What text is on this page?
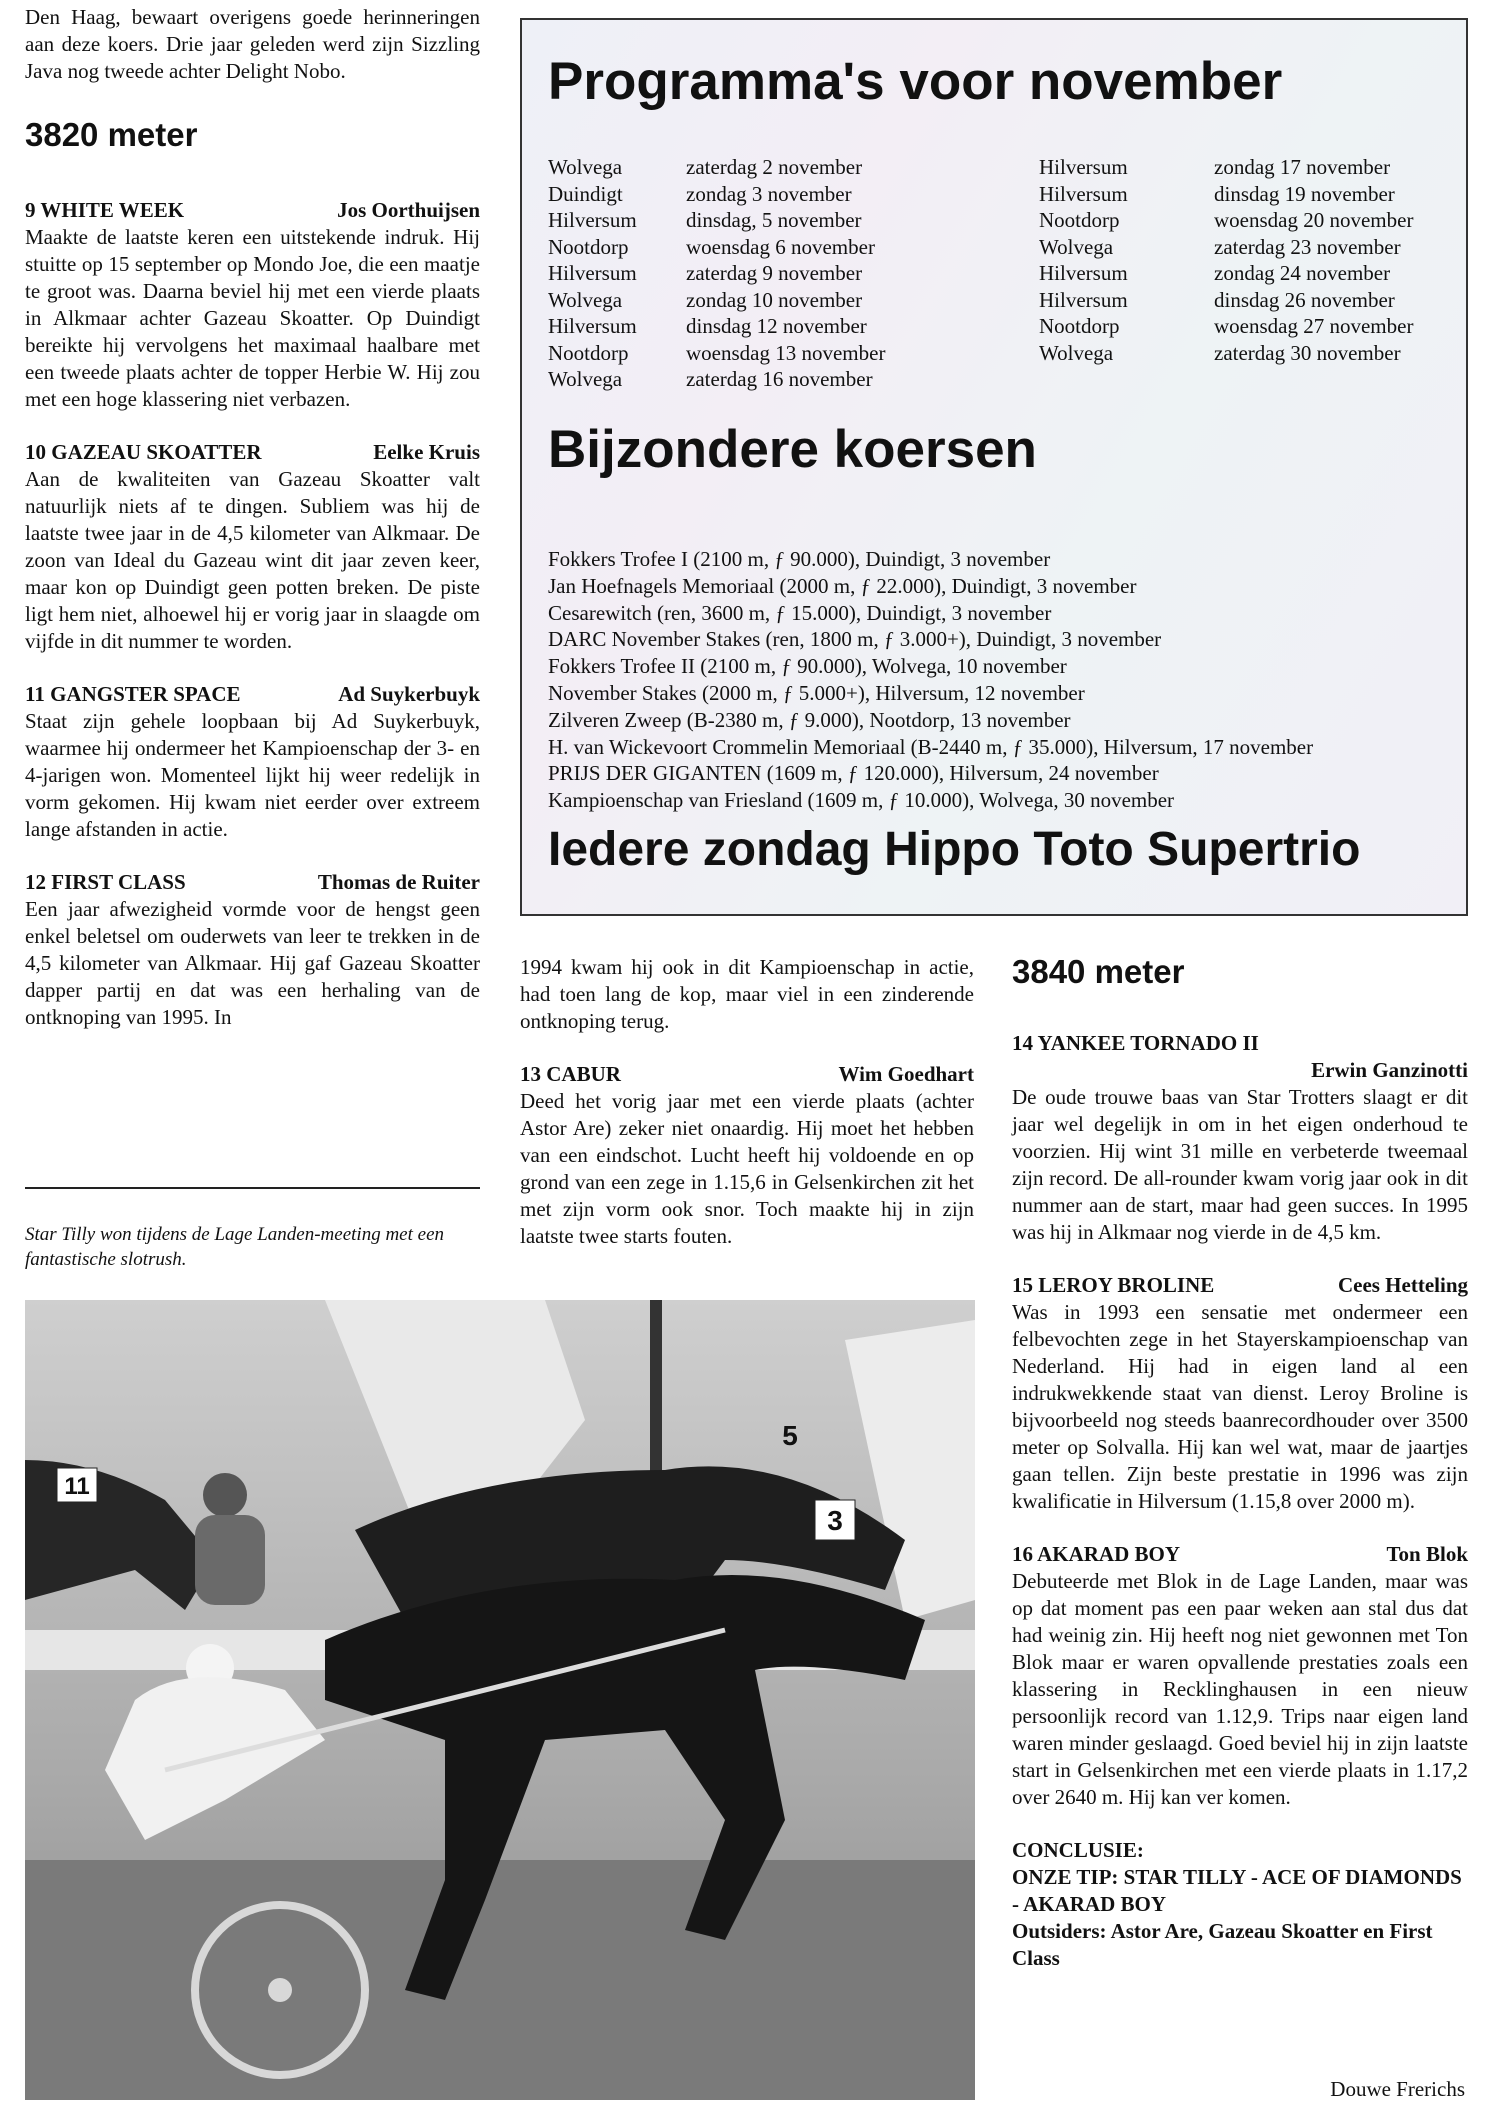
Den Haag, bewaart overigens goede herinneringen aan deze koers. Drie jaar geleden werd zijn Sizzling Java nog tweede achter Delight Nobo.

3820 meter
9 WHITE WEEK	Jos Oorthuijsen
Maakte de laatste keren een uitstekende indruk. Hij stuitte op 15 september op Mondo Joe, die een maatje te groot was. Daarna beviel hij met een vierde plaats in Alkmaar achter Gazeau Skoatter. Op Duindigt bereikte hij vervolgens het maximaal haalbare met een tweede plaats achter de topper Herbie W. Hij zou met een hoge klassering niet verbazen.
10 GAZEAU SKOATTER	Eelke Kruis
Aan de kwaliteiten van Gazeau Skoatter valt natuurlijk niets af te dingen. Subliem was hij de laatste twee jaar in de 4,5 kilometer van Alkmaar. De zoon van Ideal du Gazeau wint dit jaar zeven keer, maar kon op Duindigt geen potten breken. De piste ligt hem niet, alhoewel hij er vorig jaar in slaagde om vijfde in dit nummer te worden.
11 GANGSTER SPACE	Ad Suykerbuyk
Staat zijn gehele loopbaan bij Ad Suykerbuyk, waarmee hij ondermeer het Kampioenschap der 3- en 4-jarigen won. Momenteel lijkt hij weer redelijk in vorm gekomen. Hij kwam niet eerder over extreem lange afstanden in actie.
12 FIRST CLASS	Thomas de Ruiter
Een jaar afwezigheid vormde voor de hengst geen enkel beletsel om ouderwets van leer te trekken in de 4,5 kilometer van Alkmaar. Hij gaf Gazeau Skoatter dapper partij en dat was een herhaling van de ontknoping van 1995. In
Star Tilly won tijdens de Lage Landen-meeting met een fantastische slotrush.
Programma's voor november
Wolvega	zaterdag 2 november
Duindigt	zondag 3 november
Hilversum	dinsdag, 5 november
Nootdorp	woensdag 6 november
Hilversum	zaterdag 9 november
Wolvega	zondag 10 november
Hilversum	dinsdag 12 november
Nootdorp	woensdag 13 november
Wolvega	zaterdag 16 november
Hilversum	zondag 17 november
Hilversum	dinsdag 19 november
Nootdorp	woensdag 20 november
Wolvega	zaterdag 23 november
Hilversum	zondag 24 november
Hilversum	dinsdag 26 november
Nootdorp	woensdag 27 november
Wolvega	zaterdag 30 november
Bijzondere koersen
Fokkers Trofee I (2100 m, ƒ 90.000), Duindigt, 3 november
Jan Hoefnagels Memoriaal (2000 m, ƒ 22.000), Duindigt, 3 november
Cesarewitch (ren, 3600 m, ƒ 15.000), Duindigt, 3 november
DARC November Stakes (ren, 1800 m, ƒ 3.000+), Duindigt, 3 november
Fokkers Trofee II (2100 m, ƒ 90.000), Wolvega, 10 november
November Stakes (2000 m, ƒ 5.000+), Hilversum, 12 november
Zilveren Zweep (B-2380 m, ƒ 9.000), Nootdorp, 13 november
H. van Wickevoort Crommelin Memoriaal (B-2440 m, ƒ 35.000), Hilversum, 17 november
PRIJS DER GIGANTEN (1609 m, ƒ 120.000), Hilversum, 24 november
Kampioenschap van Friesland (1609 m, ƒ 10.000), Wolvega, 30 november
Iedere zondag Hippo Toto Supertrio

1994 kwam hij ook in dit Kampioenschap in actie, had toen lang de kop, maar viel in een zinderende ontknoping terug.

13 CABUR	Wim Goedhart
Deed het vorig jaar met een vierde plaats (achter Astor Are) zeker niet onaardig. Hij moet het hebben van een eindschot. Lucht heeft hij voldoende en op grond van een zege in 1.15,6 in Gelsenkirchen zit het met zijn vorm ook snor. Toch maakte hij in zijn laatste twee starts fouten.
3840 meter
14 YANKEE TORNADO II
Erwin Ganzinotti
De oude trouwe baas van Star Trotters slaagt er dit jaar wel degelijk in om in het eigen onderhoud te voorzien. Hij wint 31 mille en verbeterde tweemaal zijn record. De all-rounder kwam vorig jaar ook in dit nummer aan de start, maar had geen succes. In 1995 was hij in Alkmaar nog vierde in de 4,5 km.
15 LEROY BROLINE	Cees Hetteling
Was in 1993 een sensatie met ondermeer een felbevochten zege in het Stayerskampioenschap van Nederland. Hij had in eigen land al een indrukwekkende staat van dienst. Leroy Broline is bijvoorbeeld nog steeds baanrecordhouder over 3500 meter op Solvalla. Hij kan wel wat, maar de jaartjes gaan tellen. Zijn beste prestatie in 1996 was zijn kwalificatie in Hilversum (1.15,8 over 2000 m).
16 AKARAD BOY	Ton Blok
Debuteerde met Blok in de Lage Landen, maar was op dat moment pas een paar weken aan stal dus dat had weinig zin. Hij heeft nog niet gewonnen met Ton Blok maar er waren opvallende prestaties zoals een klassering in Recklinghausen in een nieuw persoonlijk record van 1.12,9. Trips naar eigen land waren minder geslaagd. Goed beviel hij in zijn laatste start in Gelsenkirchen met een vierde plaats in 1.17,2 over 2640 m. Hij kan ver komen.
CONCLUSIE:
ONZE TIP: STAR TILLY - ACE OF DIAMONDS - AKARAD BOY
Outsiders: Astor Are, Gazeau Skoatter en First Class
Douwe Frerichs
11
5
3
